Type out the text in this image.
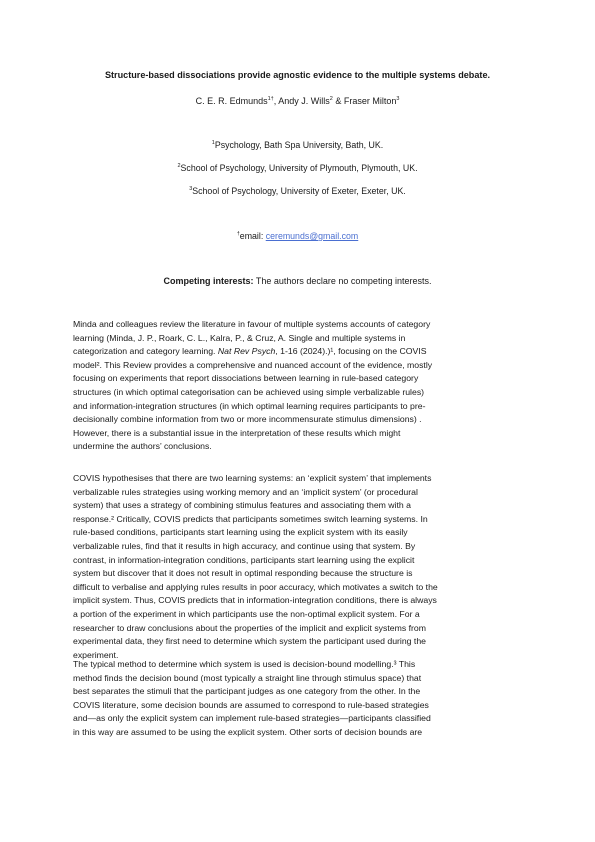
Structure-based dissociations provide agnostic evidence to the multiple systems debate.
C. E. R. Edmunds$^{1\dagger}$, Andy J. Wills$^2$ & Fraser Milton$^3$
$^1$Psychology, Bath Spa University, Bath, UK.
$^2$School of Psychology, University of Plymouth, Plymouth, UK.
$^3$School of Psychology, University of Exeter, Exeter, UK.
†email: ceremunds@gmail.com
Competing interests: The authors declare no competing interests.

Minda and colleagues review the literature in favour of multiple systems accounts of category

learning (Minda, J. P., Roark, C. L., Kalra, P., & Cruz, A. Single and multiple systems in

categorization and category learning. Nat Rev Psych, 1-16 (2024).)¹, focusing on the COVIS

model². This Review provides a comprehensive and nuanced account of the evidence, mostly

focusing on experiments that report dissociations between learning in rule-based category

structures (in which optimal categorisation can be achieved using simple verbalizable rules)

and information-integration structures (in which optimal learning requires participants to pre-

decisionally combine information from two or more incommensurate stimulus dimensions) .

However, there is a substantial issue in the interpretation of these results which might

undermine the authors’ conclusions.

COVIS hypothesises that there are two learning systems: an ‘explicit system’ that implements

verbalizable rules strategies using working memory and an ‘implicit system’ (or procedural

system) that uses a strategy of combining stimulus features and associating them with a

response.² Critically, COVIS predicts that participants sometimes switch learning systems. In

rule-based conditions, participants start learning using the explicit system with its easily

verbalizable rules, find that it results in high accuracy, and continue using that system. By

contrast, in information-integration conditions, participants start learning using the explicit

system but discover that it does not result in optimal responding because the structure is

difficult to verbalise and applying rules results in poor accuracy, which motivates a switch to the

implicit system. Thus, COVIS predicts that in information-integration conditions, there is always

a portion of the experiment in which participants use the non-optimal explicit system. For a

researcher to draw conclusions about the properties of the implicit and explicit systems from

experimental data, they first need to determine which system the participant used during the

experiment.

The typical method to determine which system is used is decision-bound modelling.³ This

method finds the decision bound (most typically a straight line through stimulus space) that

best separates the stimuli that the participant judges as one category from the other. In the

COVIS literature, some decision bounds are assumed to correspond to rule-based strategies

and—as only the explicit system can implement rule-based strategies—participants classified

in this way are assumed to be using the explicit system. Other sorts of decision bounds are
